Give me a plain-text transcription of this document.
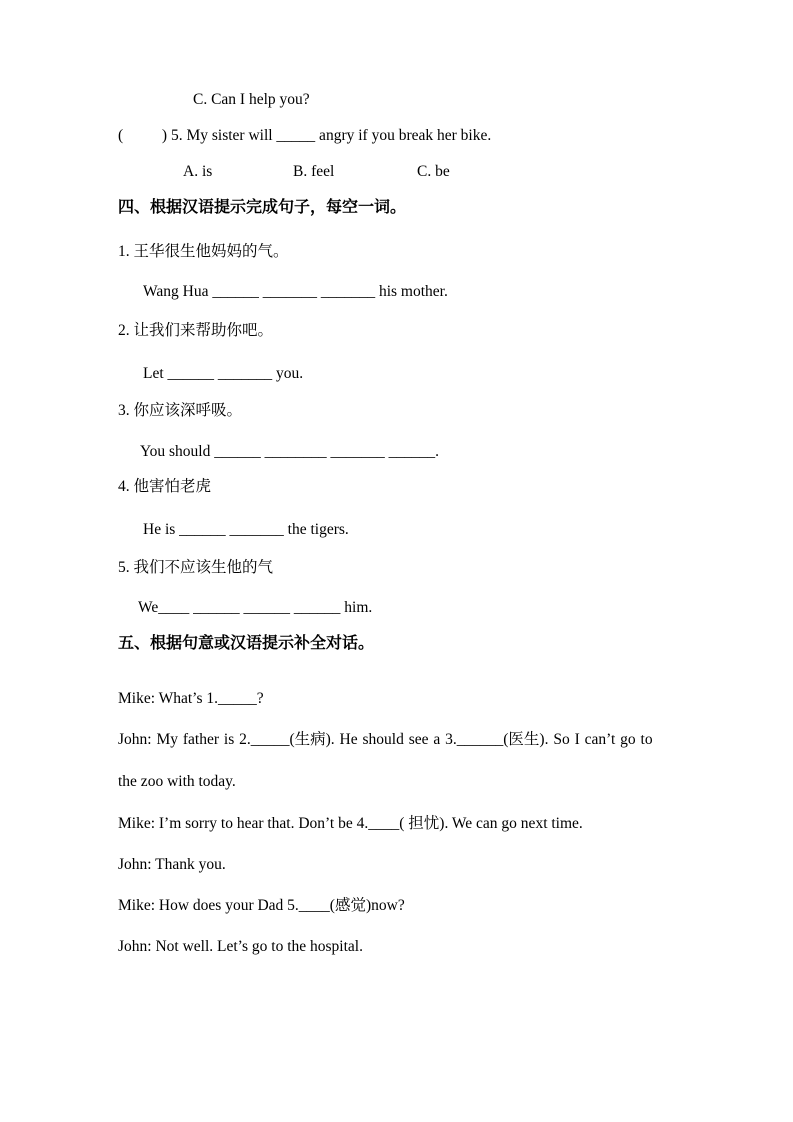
C. Can I help you?
(          ) 5. My sister will _____ angry if you break her bike.
A. is	B. feel	C. be
四、根据汉语提示完成句子，每空一词。
1. 王华很生他妈妈的气。
Wang Hua ______ _______ _______ his mother.
2. 让我们来帮助你吧。
Let ______ _______ you.
3. 你应该深呼吸。
You should ______ ________ _______ ______.
4. 他害怕老虎
He is ______ _______ the tigers.
5. 我们不应该生他的气
We____ ______ ______ ______ him.
五、根据句意或汉语提示补全对话。
Mike: What’s 1._____?
John: My father is 2._____(生病). He should see a 3.______(医生). So I can’t go to
the zoo with today.
Mike: I’m sorry to hear that. Don’t be 4.____( 担忧). We can go next time.
John: Thank you.
Mike: How does your Dad 5.____(感觉)now?
John: Not well. Let’s go to the hospital.
